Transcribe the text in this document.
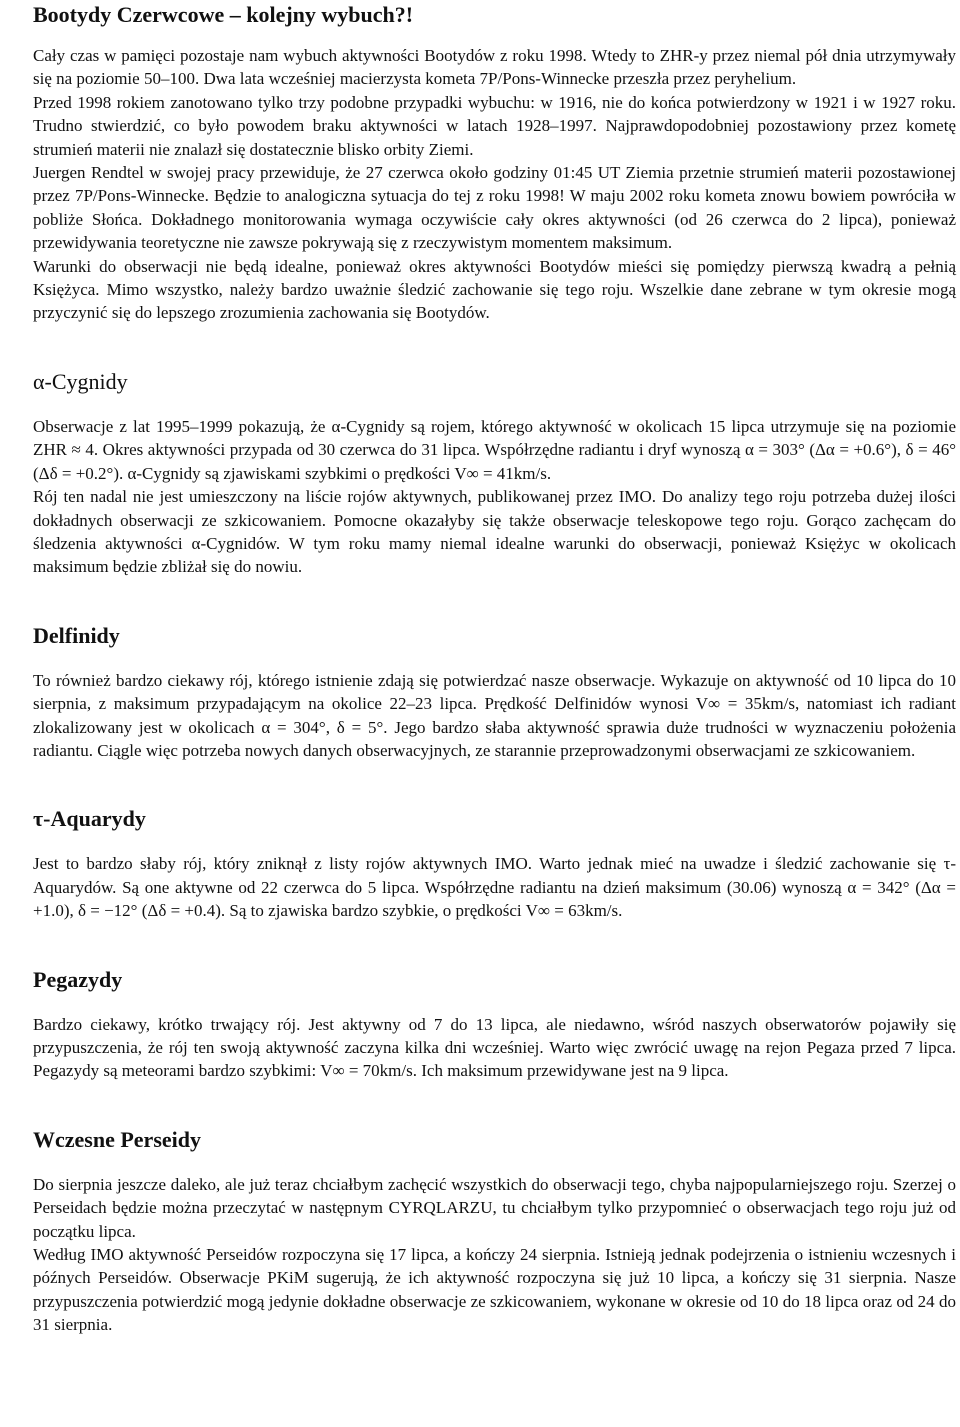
Bootydy Czerwcowe – kolejny wybuch?!

Cały czas w pamięci pozostaje nam wybuch aktywności Bootydów z roku 1998. Wtedy to ZHR-y przez niemal pół dnia utrzymywały się na poziomie 50–100. Dwa lata wcześniej macierzysta kometa 7P/Pons-Winnecke przeszła przez peryhelium.

Przed 1998 rokiem zanotowano tylko trzy podobne przypadki wybuchu: w 1916, nie do końca potwierdzony w 1921 i w 1927 roku. Trudno stwierdzić, co było powodem braku aktywności w latach 1928–1997. Najprawdopodobniej pozostawiony przez kometę strumień materii nie znalazł się dostatecznie blisko orbity Ziemi.

Juergen Rendtel w swojej pracy przewiduje, że 27 czerwca około godziny 01:45 UT Ziemia przetnie strumień materii pozostawionej przez 7P/Pons-Winnecke. Będzie to analogiczna sytuacja do tej z roku 1998! W maju 2002 roku kometa znowu bowiem powróciła w pobliże Słońca. Dokładnego monitorowania wymaga oczywiście cały okres aktywności (od 26 czerwca do 2 lipca), ponieważ przewidywania teoretyczne nie zawsze pokrywają się z rzeczywistym momentem maksimum.

Warunki do obserwacji nie będą idealne, ponieważ okres aktywności Bootydów mieści się pomiędzy pierwszą kwadrą a pełnią Księżyca. Mimo wszystko, należy bardzo uważnie śledzić zachowanie się tego roju. Wszelkie dane zebrane w tym okresie mogą przyczynić się do lepszego zrozumienia zachowania się Bootydów.

α-Cygnidy

Obserwacje z lat 1995–1999 pokazują, że α-Cygnidy są rojem, którego aktywność w okolicach 15 lipca utrzymuje się na poziomie ZHR ≈ 4. Okres aktywności przypada od 30 czerwca do 31 lipca. Współrzędne radiantu i dryf wynoszą α = 303° (Δα = +0.6°), δ = 46° (Δδ = +0.2°). α-Cygnidy są zjawiskami szybkimi o prędkości V∞ = 41km/s.

Rój ten nadal nie jest umieszczony na liście rojów aktywnych, publikowanej przez IMO. Do analizy tego roju potrzeba dużej ilości dokładnych obserwacji ze szkicowaniem. Pomocne okazałyby się także obserwacje teleskopowe tego roju. Gorąco zachęcam do śledzenia aktywności α-Cygnidów. W tym roku mamy niemal idealne warunki do obserwacji, ponieważ Księżyc w okolicach maksimum będzie zbliżał się do nowiu.

Delfinidy

To również bardzo ciekawy rój, którego istnienie zdają się potwierdzać nasze obserwacje. Wykazuje on aktywność od 10 lipca do 10 sierpnia, z maksimum przypadającym na okolice 22–23 lipca. Prędkość Delfinidów wynosi V∞ = 35km/s, natomiast ich radiant zlokalizowany jest w okolicach α = 304°, δ = 5°. Jego bardzo słaba aktywność sprawia duże trudności w wyznaczeniu położenia radiantu. Ciągle więc potrzeba nowych danych obserwacyjnych, ze starannie przeprowadzonymi obserwacjami ze szkicowaniem.

τ-Aquarydy

Jest to bardzo słaby rój, który zniknął z listy rojów aktywnych IMO. Warto jednak mieć na uwadze i śledzić zachowanie się τ-Aquarydów. Są one aktywne od 22 czerwca do 5 lipca. Współrzędne radiantu na dzień maksimum (30.06) wynoszą α = 342° (Δα = +1.0), δ = −12° (Δδ = +0.4). Są to zjawiska bardzo szybkie, o prędkości V∞ = 63km/s.

Pegazydy

Bardzo ciekawy, krótko trwający rój. Jest aktywny od 7 do 13 lipca, ale niedawno, wśród naszych obserwatorów pojawiły się przypuszczenia, że rój ten swoją aktywność zaczyna kilka dni wcześniej. Warto więc zwrócić uwagę na rejon Pegaza przed 7 lipca. Pegazydy są meteorami bardzo szybkimi: V∞ = 70km/s. Ich maksimum przewidywane jest na 9 lipca.

Wczesne Perseidy

Do sierpnia jeszcze daleko, ale już teraz chciałbym zachęcić wszystkich do obserwacji tego, chyba najpopularniejszego roju. Szerzej o Perseidach będzie można przeczytać w następnym CYRQLARZU, tu chciałbym tylko przypomnieć o obserwacjach tego roju już od początku lipca.

Według IMO aktywność Perseidów rozpoczyna się 17 lipca, a kończy 24 sierpnia. Istnieją jednak podejrzenia o istnieniu wczesnych i późnych Perseidów. Obserwacje PKiM sugerują, że ich aktywność rozpoczyna się już 10 lipca, a kończy się 31 sierpnia. Nasze przypuszczenia potwierdzić mogą jedynie dokładne obserwacje ze szkicowaniem, wykonane w okresie od 10 do 18 lipca oraz od 24 do 31 sierpnia.
